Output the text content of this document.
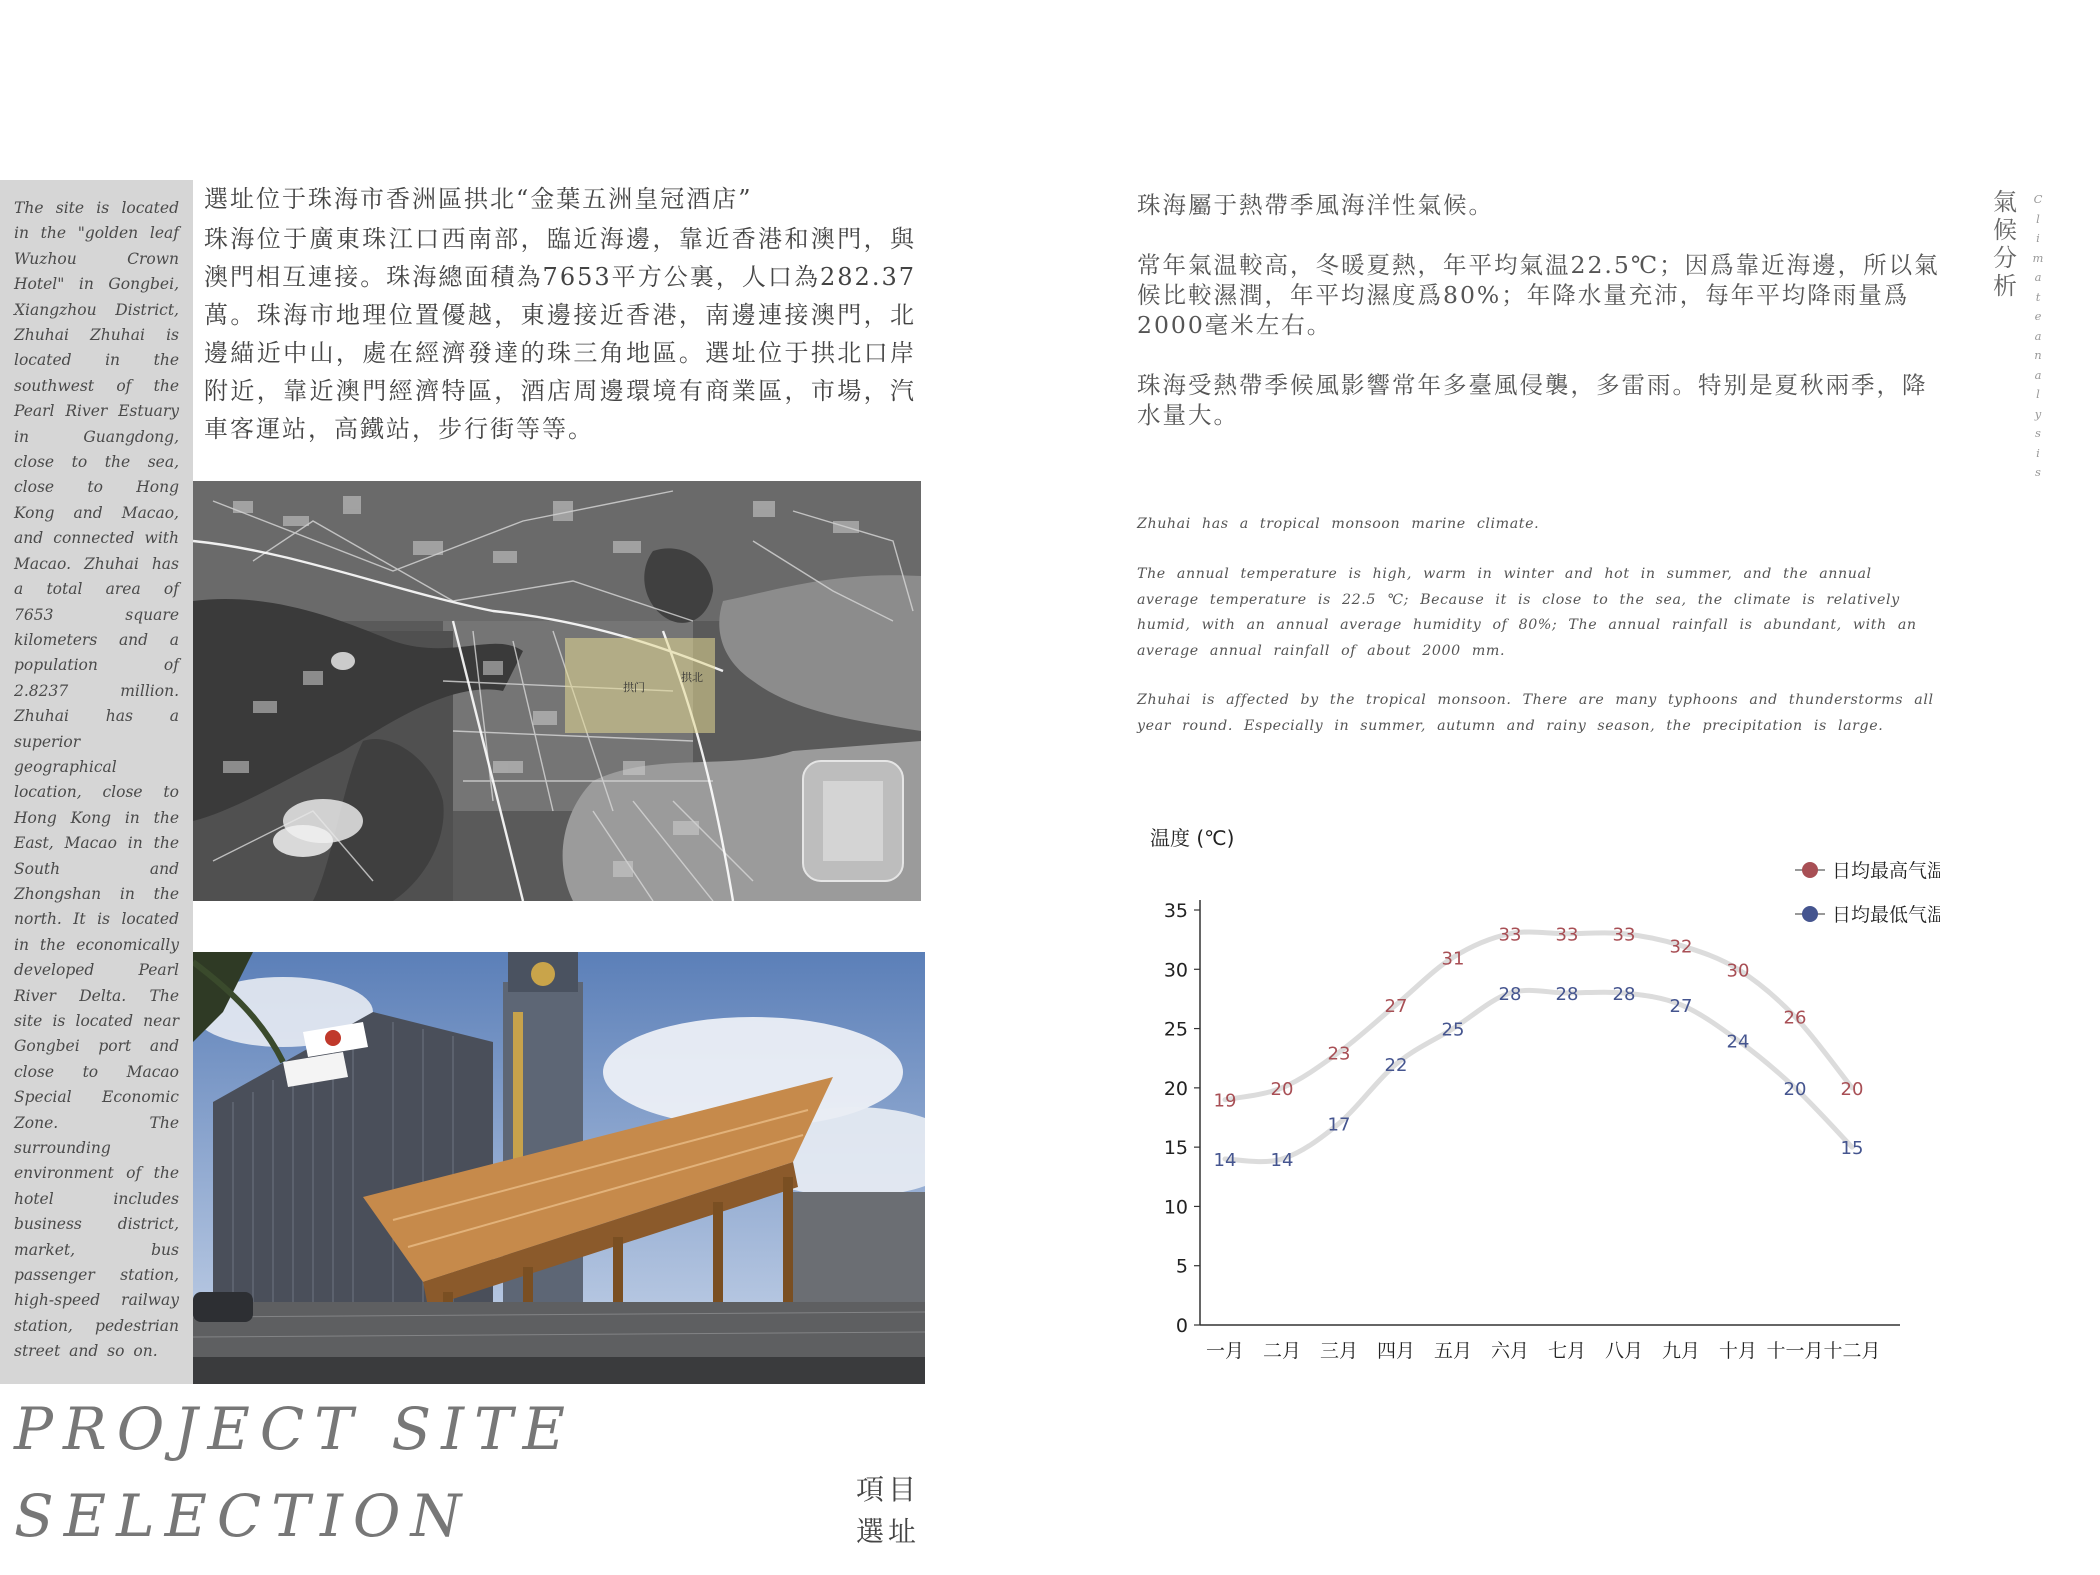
The site is located in the "golden leaf Wuzhou Crown Hotel" in Gongbei, Xiangzhou District, Zhuhai Zhuhai is located in the southwest of the Pearl River Estuary in Guangdong, close to the sea, close to Hong Kong and Macao, and connected with Macao. Zhuhai has a total area of 7653 square kilometers and a population of 2.8237 million. Zhuhai has a superior geographical location, close to Hong Kong in the East, Macao in the South and Zhongshan in the north. It is located in the economically developed Pearl River Delta. The site is located near Gongbei port and close to Macao Special Economic Zone. The surrounding environment of the hotel includes business district, market, bus passenger station, high-speed railway station, pedestrian street and so on.
選址位于珠海市香洲區拱北“金葉五洲皇冠酒店”
珠海位于廣東珠江口西南部，臨近海邊，靠近香港和澳門，與澳門相互連接。珠海總面積為7653平方公裏，人口為282.37萬。珠海市地理位置優越，東邊接近香港，南邊連接澳門，北邊緢近中山，處在經濟發達的珠三角地區。選址位于拱北口岸附近，靠近澳門經濟特區，酒店周邊環境有商業區，市場，汽車客運站，高鐵站，步行街等等。
拱门
拱北
PROJECT SITE
SELECTION	項目
選址
珠海屬于熱帶季風海洋性氣候。
常年氣温較高，冬暖夏熱，年平均氣温22.5℃；因爲靠近海邊，所以氣候比較濕潤，年平均濕度爲80%；年降水量充沛，每年平均降雨量爲2000毫米左右。
珠海受熱帶季候風影響常年多臺風侵襲，多雷雨。特别是夏秋兩季，降水量大。
Zhuhai has a tropical monsoon marine climate.
The annual temperature is high, warm in winter and hot in summer, and the annual average temperature is 22.5 ℃; Because it is close to the sea, the climate is relatively humid, with an annual average humidity of 80%; The annual rainfall is abundant, with an average annual rainfall of about 2000 mm.
Zhuhai is affected by the tropical monsoon. There are many typhoons and thunderstorms all year round. Especially in summer, autumn and rainy season, the precipitation is large.
氣
候
分
析
C
l
i
m
a
t
e
a
n
a
l
y
s
i
s
温度 (℃)
0
5
10
15
20
25
30
35
一月 二月 三月 四月 五月 六月 七月 八月 九月 十月 十一月 十二月
19
20
23
27
31
33 33 33
32
30
26
20
14 14
17
22
25
28 28 28
27
24
20
15
日均最高气温
日均最低气温
